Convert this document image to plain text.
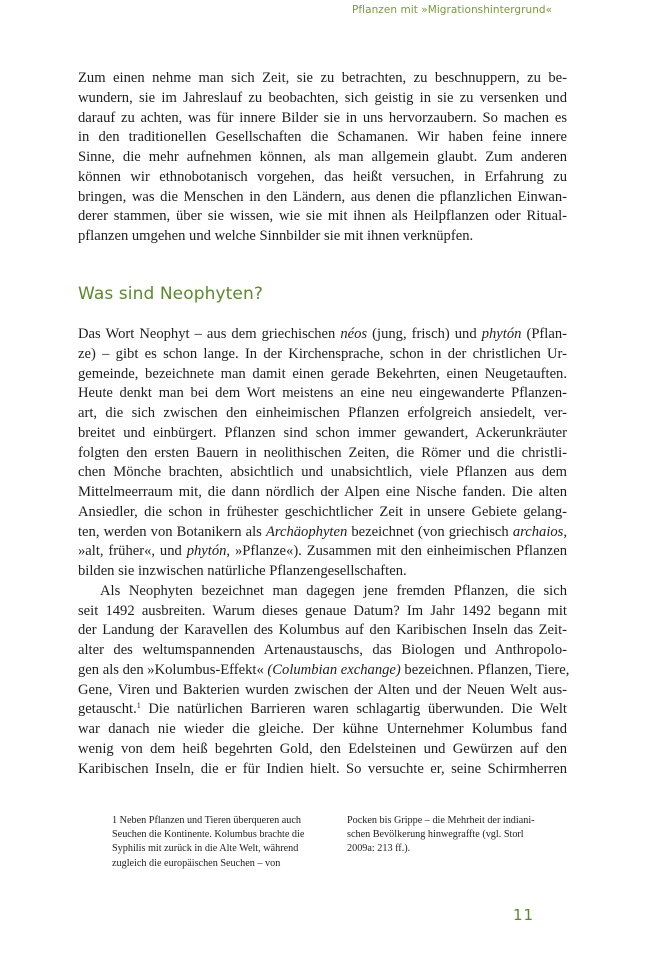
Pflanzen mit »Migrationshintergrund«
Zum einen nehme man sich Zeit, sie zu betrachten, zu beschnuppern, zu be-
wundern, sie im Jahreslauf zu beobachten, sich geistig in sie zu versenken und
darauf zu achten, was für innere Bilder sie in uns hervorzaubern. So machen es
in den traditionellen Gesellschaften die Schamanen. Wir haben feine innere
Sinne, die mehr aufnehmen können, als man allgemein glaubt. Zum anderen
können wir ethnobotanisch vorgehen, das heißt versuchen, in Erfahrung zu
bringen, was die Menschen in den Ländern, aus denen die pflanzlichen Einwan-
derer stammen, über sie wissen, wie sie mit ihnen als Heilpflanzen oder Ritual-
pflanzen umgehen und welche Sinnbilder sie mit ihnen verknüpfen.
Was sind Neophyten?
Das Wort Neophyt – aus dem griechischen néos (jung, frisch) und phytón (Pflan-
ze) – gibt es schon lange. In der Kirchensprache, schon in der christlichen Ur-
gemeinde, bezeichnete man damit einen gerade Bekehrten, einen Neugetauften.
Heute denkt man bei dem Wort meistens an eine neu eingewanderte Pflanzen-
art, die sich zwischen den einheimischen Pflanzen erfolgreich ansiedelt, ver-
breitet und einbürgert. Pflanzen sind schon immer gewandert, Ackerunkräuter
folgten den ersten Bauern in neolithischen Zeiten, die Römer und die christli-
chen Mönche brachten, absichtlich und unabsichtlich, viele Pflanzen aus dem
Mittelmeerraum mit, die dann nördlich der Alpen eine Nische fanden. Die alten
Ansiedler, die schon in frühester geschichtlicher Zeit in unsere Gebiete gelang-
ten, werden von Botanikern als Archäophyten bezeichnet (von griechisch archaios,
»alt, früher«, und phytón, »Pflanze«). Zusammen mit den einheimischen Pflanzen
bilden sie inzwischen natürliche Pflanzengesellschaften.
Als Neophyten bezeichnet man dagegen jene fremden Pflanzen, die sich
seit 1492 ausbreiten. Warum dieses genaue Datum? Im Jahr 1492 begann mit
der Landung der Karavellen des Kolumbus auf den Karibischen Inseln das Zeit-
alter des weltumspannenden Artenaustauschs, das Biologen und Anthropolo-
gen als den »Kolumbus-Effekt« (Columbian exchange) bezeichnen. Pflanzen, Tiere,
Gene, Viren und Bakterien wurden zwischen der Alten und der Neuen Welt aus-
getauscht.$^1$ Die natürlichen Barrieren waren schlagartig überwunden. Die Welt
war danach nie wieder die gleiche. Der kühne Unternehmer Kolumbus fand
wenig von dem heiß begehrten Gold, den Edelsteinen und Gewürzen auf den
Karibischen Inseln, die er für Indien hielt. So versuchte er, seine Schirmherren
1 Neben Pflanzen und Tieren überqueren auch
Seuchen die Kontinente. Kolumbus brachte die
Syphilis mit zurück in die Alte Welt, während
zugleich die europäischen Seuchen – von
Pocken bis Grippe – die Mehrheit der indiani-
schen Bevölkerung hinwegraffte (vgl. Storl
2009a: 213 ff.).
11
